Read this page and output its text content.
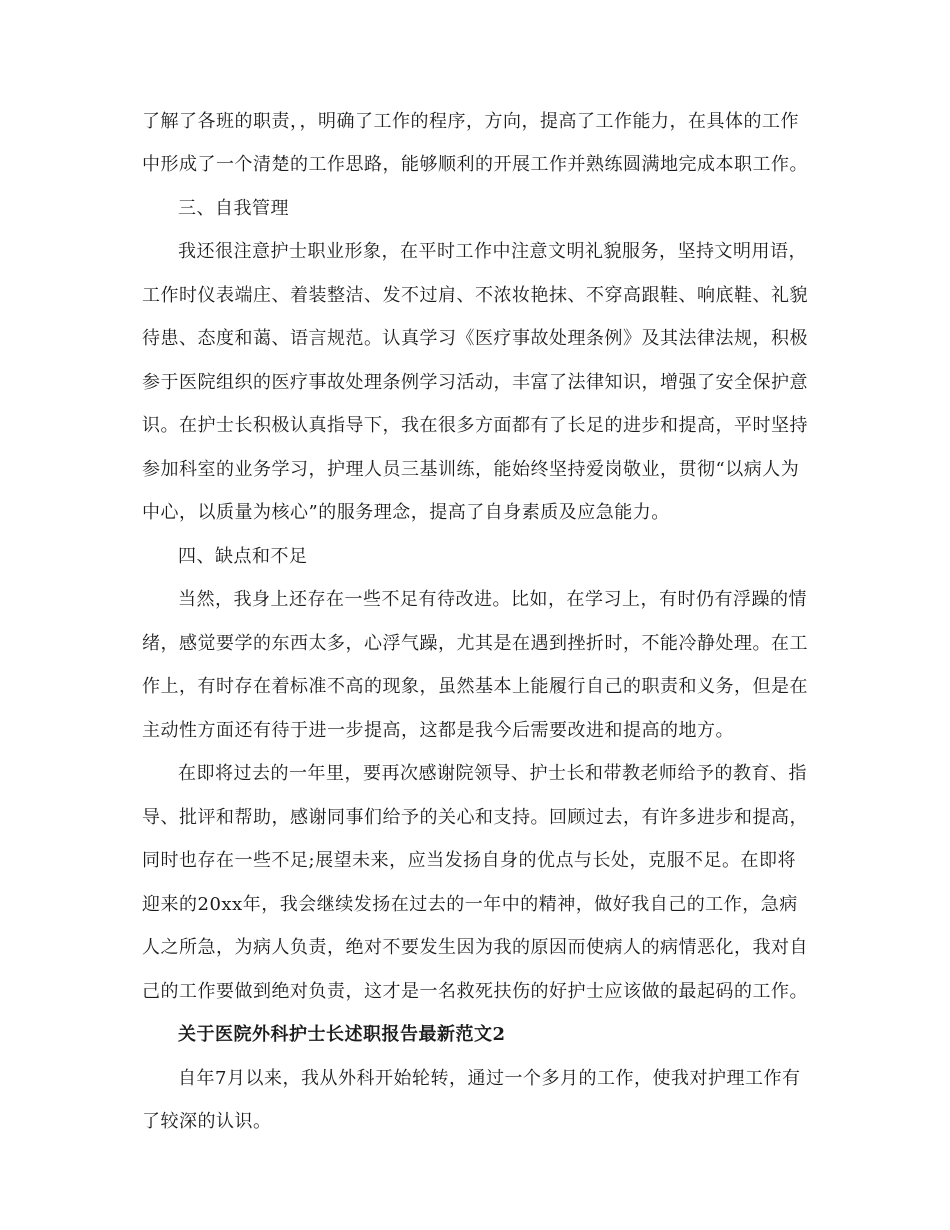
了解了各班的职责，，明确了工作的程序，方向，提高了工作能力，在具体的工作
中形成了一个清楚的工作思路，能够顺利的开展工作并熟练圆满地完成本职工作。
三、自我管理
我还很注意护士职业形象，在平时工作中注意文明礼貌服务，坚持文明用语，
工作时仪表端庄、着装整洁、发不过肩、不浓妆艳抹、不穿高跟鞋、响底鞋、礼貌
待患、态度和蔼、语言规范。认真学习《医疗事故处理条例》及其法律法规，积极
参于医院组织的医疗事故处理条例学习活动，丰富了法律知识，增强了安全保护意
识。在护士长积极认真指导下，我在很多方面都有了长足的进步和提高，平时坚持
参加科室的业务学习，护理人员三基训练，能始终坚持爱岗敬业，贯彻“以病人为
中心，以质量为核心”的服务理念，提高了自身素质及应急能力。
四、缺点和不足
当然，我身上还存在一些不足有待改进。比如，在学习上，有时仍有浮躁的情
绪，感觉要学的东西太多，心浮气躁，尤其是在遇到挫折时，不能冷静处理。在工
作上，有时存在着标准不高的现象，虽然基本上能履行自己的职责和义务，但是在
主动性方面还有待于进一步提高，这都是我今后需要改进和提高的地方。
在即将过去的一年里，要再次感谢院领导、护士长和带教老师给予的教育、指
导、批评和帮助，感谢同事们给予的关心和支持。回顾过去，有许多进步和提高，
同时也存在一些不足;展望未来，应当发扬自身的优点与长处，克服不足。在即将
迎来的20xx年，我会继续发扬在过去的一年中的精神，做好我自己的工作，急病
人之所急，为病人负责，绝对不要发生因为我的原因而使病人的病情恶化，我对自
己的工作要做到绝对负责，这才是一名救死扶伤的好护士应该做的最起码的工作。
关于医院外科护士长述职报告最新范文2
自年7月以来，我从外科开始轮转，通过一个多月的工作，使我对护理工作有
了较深的认识。
